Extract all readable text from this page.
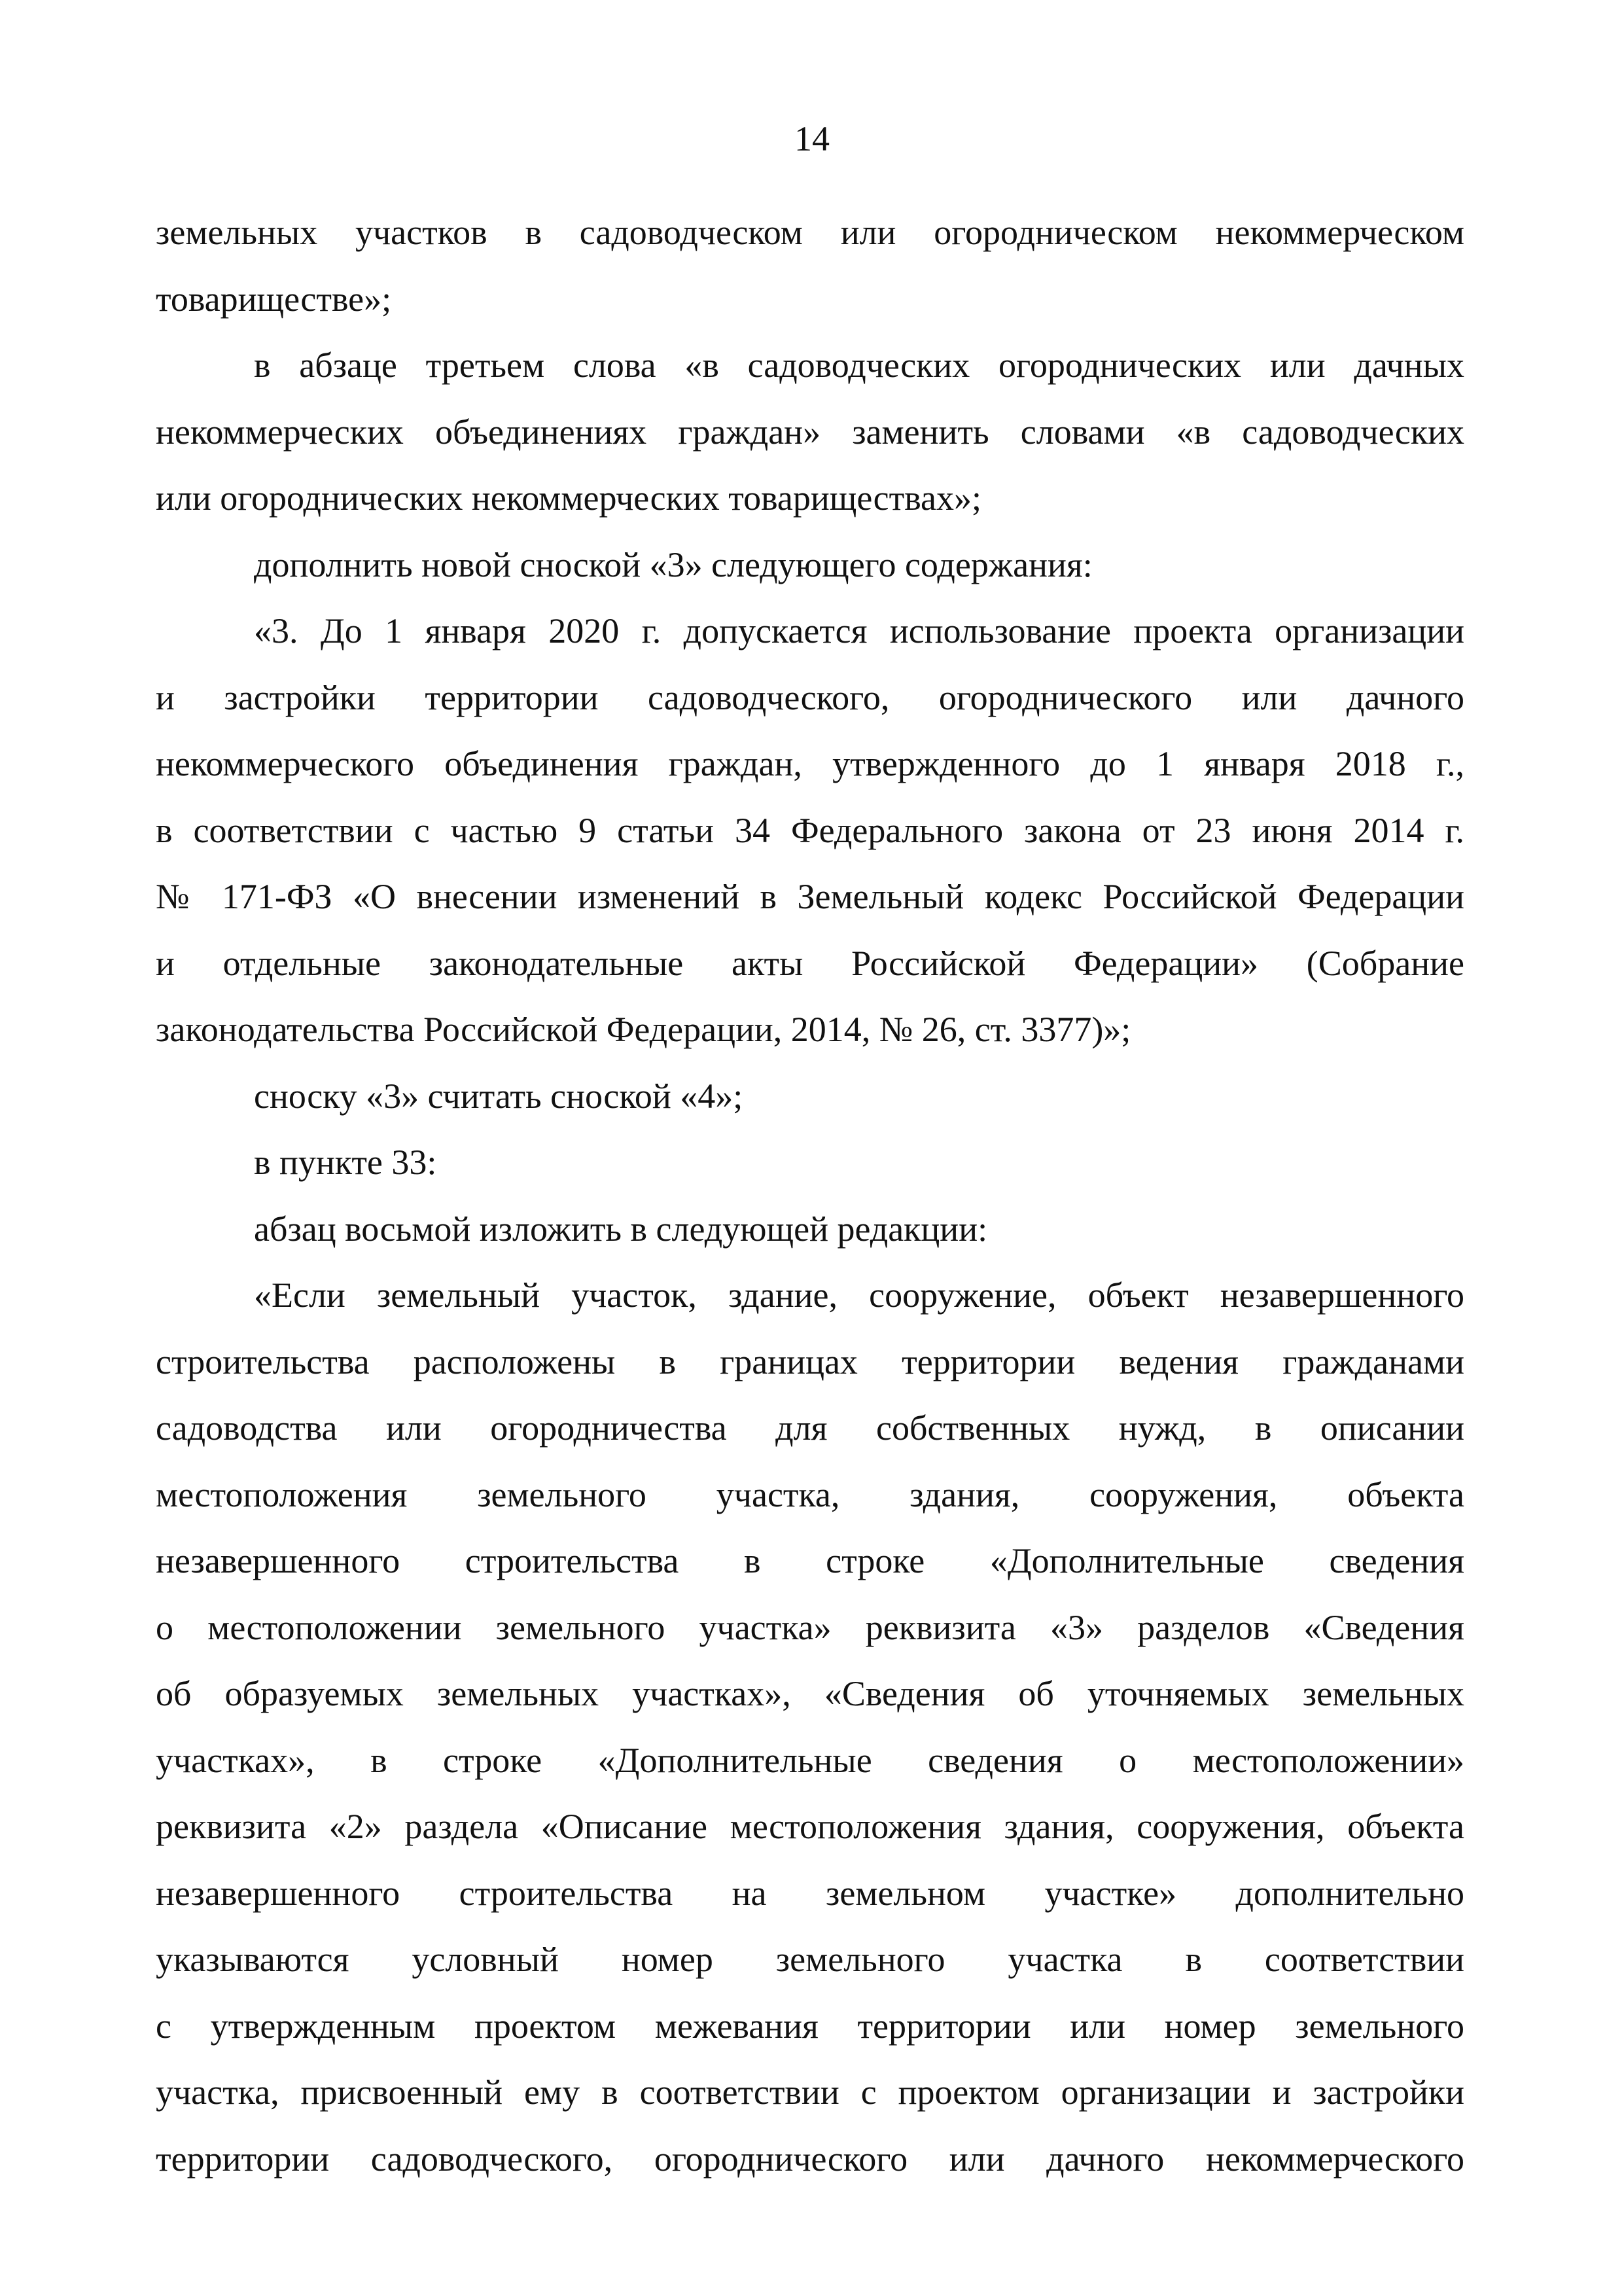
14
земельных участков в садоводческом или огородническом некоммерческом
товариществе»;
в абзаце третьем слова «в садоводческих огороднических или дачных
некоммерческих объединениях граждан» заменить словами «в садоводческих
или огороднических некоммерческих товариществах»;
дополнить новой сноской «3» следующего содержания:
«3. До 1 января 2020 г. допускается использование проекта организации
и застройки территории садоводческого, огороднического или дачного
некоммерческого объединения граждан, утвержденного до 1 января 2018 г.,
в соответствии с частью 9 статьи 34 Федерального закона от 23 июня 2014 г.
№ 171-ФЗ «О внесении изменений в Земельный кодекс Российской Федерации
и отдельные законодательные акты Российской Федерации» (Собрание
законодательства Российской Федерации, 2014, № 26, ст. 3377)»;
сноску «3» считать сноской «4»;
в пункте 33:
абзац восьмой изложить в следующей редакции:
«Если земельный участок, здание, сооружение, объект незавершенного
строительства расположены в границах территории ведения гражданами
садоводства или огородничества для собственных нужд, в описании
местоположения земельного участка, здания, сооружения, объекта
незавершенного строительства в строке «Дополнительные сведения
о местоположении земельного участка» реквизита «3» разделов «Сведения
об образуемых земельных участках», «Сведения об уточняемых земельных
участках», в строке «Дополнительные сведения о местоположении»
реквизита «2» раздела «Описание местоположения здания, сооружения, объекта
незавершенного строительства на земельном участке» дополнительно
указываются условный номер земельного участка в соответствии
с утвержденным проектом межевания территории или номер земельного
участка, присвоенный ему в соответствии с проектом организации и застройки
территории садоводческого, огороднического или дачного некоммерческого
